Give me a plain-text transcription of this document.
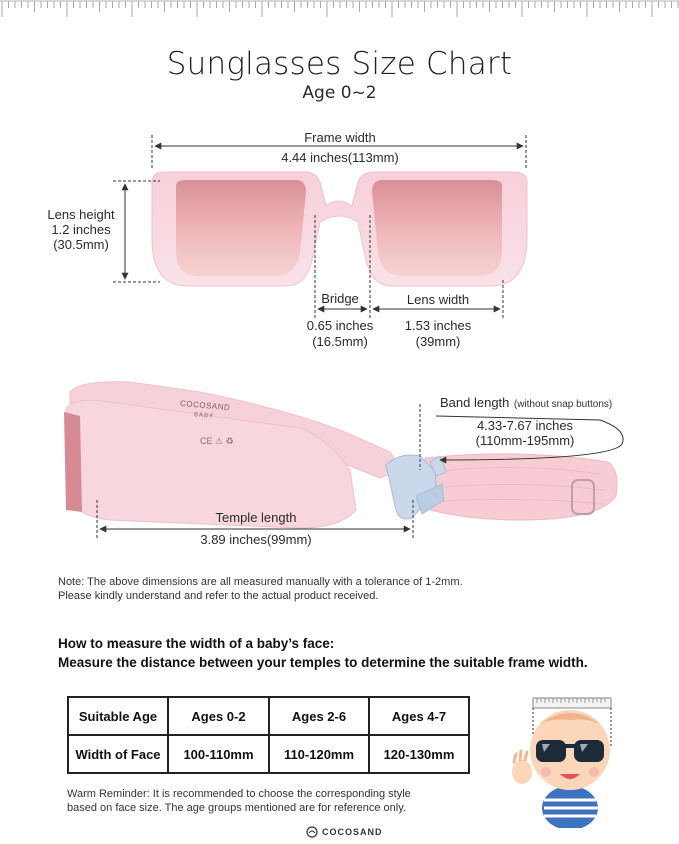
Sunglasses Size Chart
Age 0~2
CE ⚠ ♻
Frame width
4.44 inches(113mm)
Lens height
1.2 inches
(30.5mm)
Bridge
0.65 inches
(16.5mm)
Lens width
1.53 inches
(39mm)
Band length (without snap buttons)
4.33-7.67 inches
(110mm-195mm)
COCOSAND
BABY
Temple length
3.89 inches(99mm)
Note: The above dimensions are all measured manually with a tolerance of 1-2mm.
Please kindly understand and refer to the actual product received.
How to measure the width of a baby’s face:
Measure the distance between your temples to determine the suitable frame width.
Suitable Age	Ages 0-2	Ages 2-6	Ages 4-7
Width of Face	100-110mm	110-120mm	120-130mm
Warm Reminder: It is recommended to choose the corresponding style
based on face size. The age groups mentioned are for reference only.
COCOSAND
